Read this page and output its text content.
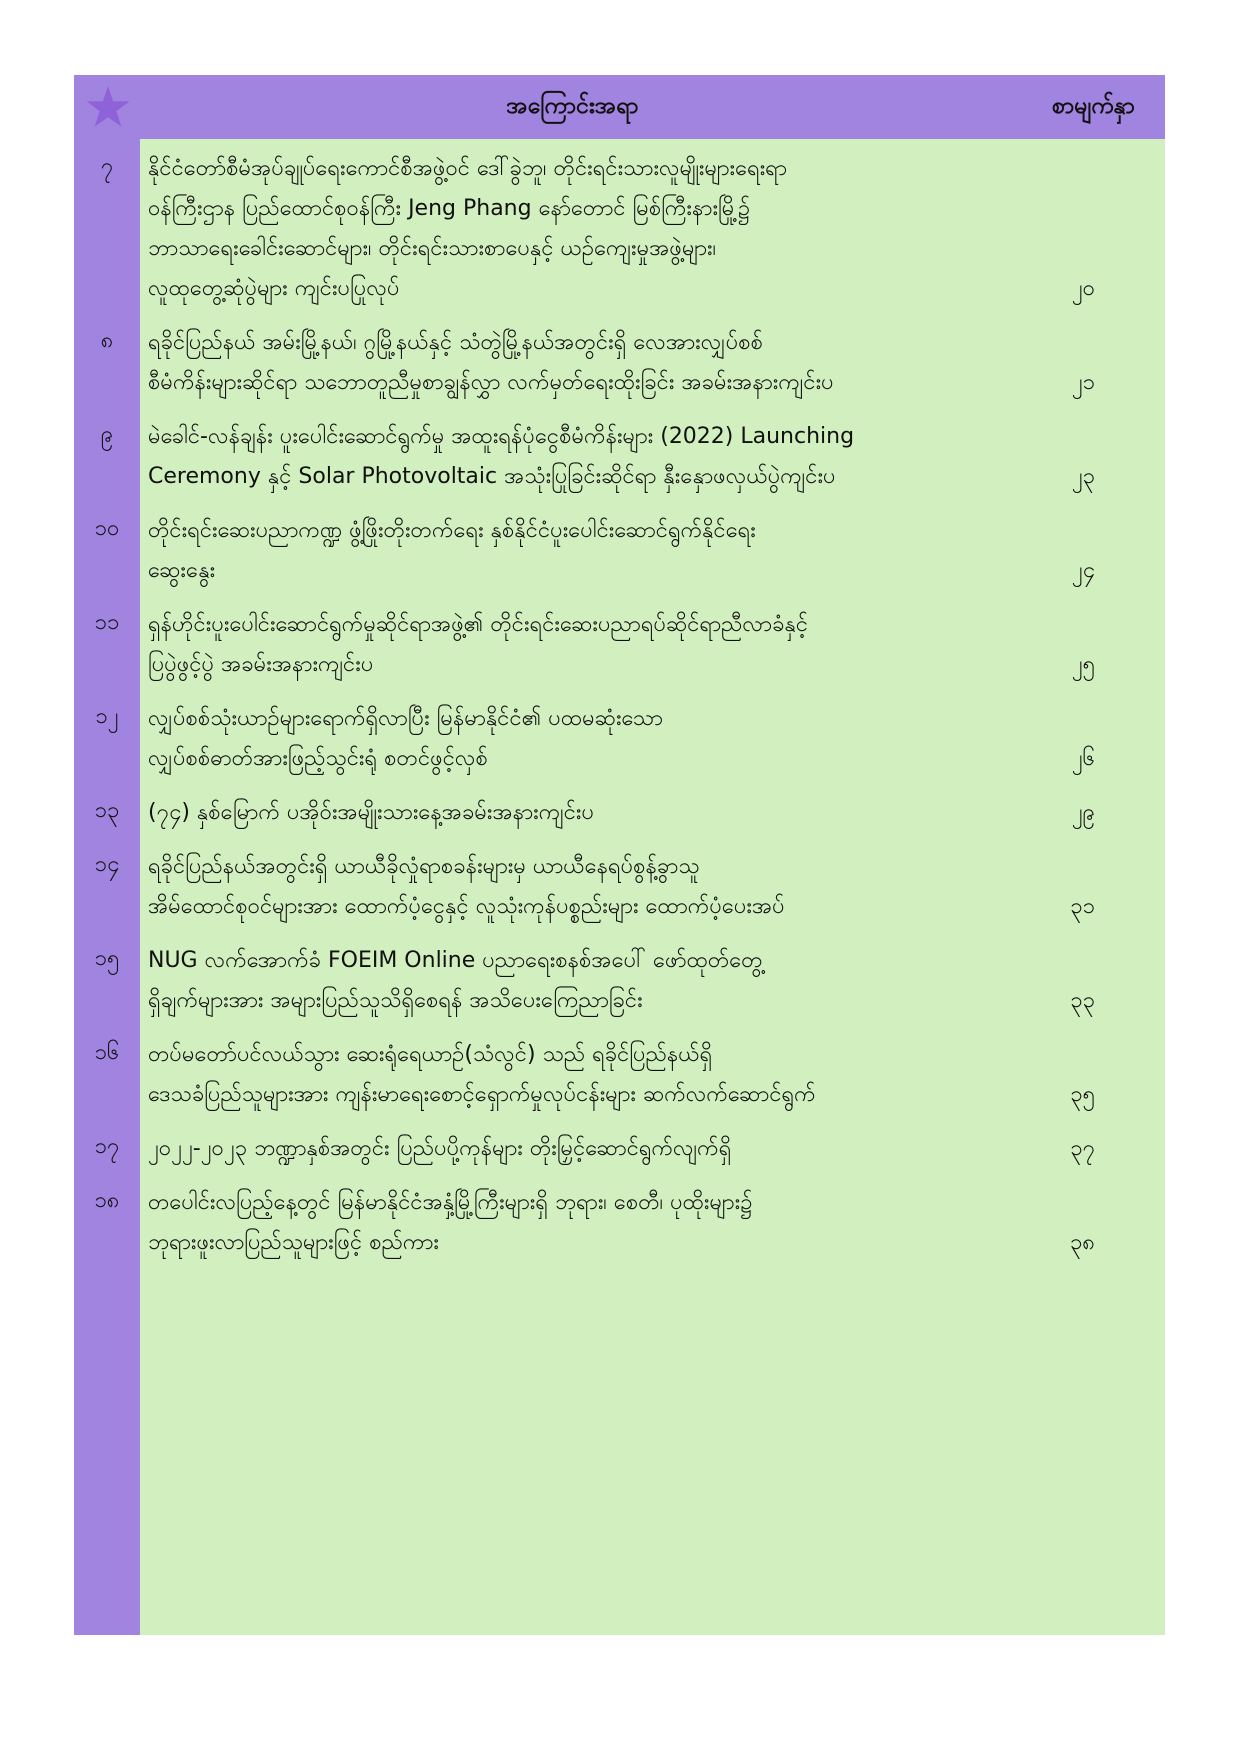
အကြောင်းအရာ	စာမျက်နှာ
၇	နိုင်ငံတော်စီမံအုပ်ချုပ်ရေးကောင်စီအဖွဲ့ဝင် ဒေါ်ခွဲဘူ၊ တိုင်းရင်းသားလူမျိုးများရေးရာ
ဝန်ကြီးဌာန ပြည်ထောင်စုဝန်ကြီး Jeng Phang နော်တောင် မြစ်ကြီးနားမြို့၌
ဘာသာရေးခေါင်းဆောင်များ၊ တိုင်းရင်းသားစာပေနှင့် ယဉ်ကျေးမှုအဖွဲ့များ၊
လူထုတွေ့ဆုံပွဲများ ကျင်းပပြုလုပ်	၂၀
၈	ရခိုင်ပြည်နယ် အမ်းမြို့နယ်၊ ဂွမြို့နယ်နှင့် သံတွဲမြို့နယ်အတွင်းရှိ လေအားလျှပ်စစ်
စီမံကိန်းများဆိုင်ရာ သဘောတူညီမှုစာချွန်လွှာ လက်မှတ်ရေးထိုးခြင်း အခမ်းအနားကျင်းပ	၂၁
၉	မဲခေါင်-လန်ချန်း ပူးပေါင်းဆောင်ရွက်မှု အထူးရန်ပုံငွေစီမံကိန်းများ (2022) Launching
Ceremony နှင့် Solar Photovoltaic အသုံးပြုခြင်းဆိုင်ရာ နှီးနှောဖလှယ်ပွဲကျင်းပ	၂၃
၁၀	တိုင်းရင်းဆေးပညာကဏ္ဍ ဖွံ့ဖြိုးတိုးတက်ရေး နှစ်နိုင်ငံပူးပေါင်းဆောင်ရွက်နိုင်ရေး
ဆွေးနွေး	၂၄
၁၁	ရှန်ဟိုင်းပူးပေါင်းဆောင်ရွက်မှုဆိုင်ရာအဖွဲ့၏ တိုင်းရင်းဆေးပညာရပ်ဆိုင်ရာညီလာခံနှင့်
ပြပွဲဖွင့်ပွဲ အခမ်းအနားကျင်းပ	၂၅
၁၂	လျှပ်စစ်သုံးယာဉ်များရောက်ရှိလာပြီး မြန်မာနိုင်ငံ၏ ပထမဆုံးသော
လျှပ်စစ်ဓာတ်အားဖြည့်သွင်းရုံ စတင်ဖွင့်လှစ်	၂၆
၁၃	(၇၄) နှစ်မြောက် ပအိုဝ်းအမျိုးသားနေ့အခမ်းအနားကျင်းပ	၂၉
၁၄	ရခိုင်ပြည်နယ်အတွင်းရှိ ယာယီခိုလှုံရာစခန်းများမှ ယာယီနေရပ်စွန့်ခွာသူ
အိမ်ထောင်စုဝင်များအား ထောက်ပံ့ငွေနှင့် လူသုံးကုန်ပစ္စည်းများ ထောက်ပံ့ပေးအပ်	၃၁
၁၅	NUG လက်အောက်ခံ FOEIM Online ပညာရေးစနစ်အပေါ် ဖော်ထုတ်တွေ့
ရှိချက်များအား အများပြည်သူသိရှိစေရန် အသိပေးကြေညာခြင်း	၃၃
၁၆	တပ်မတော်ပင်လယ်သွား ဆေးရုံရေယာဉ်(သံလွင်) သည် ရခိုင်ပြည်နယ်ရှိ
ဒေသခံပြည်သူများအား ကျန်းမာရေးစောင့်ရှောက်မှုလုပ်ငန်းများ ဆက်လက်ဆောင်ရွက်	၃၅
၁၇	၂၀၂၂-၂၀၂၃ ဘဏ္ဍာနှစ်အတွင်း ပြည်ပပို့ကုန်များ တိုးမြှင့်ဆောင်ရွက်လျက်ရှိ	၃၇
၁၈	တပေါင်းလပြည့်နေ့တွင် မြန်မာနိုင်ငံအနှံ့မြို့ကြီးများရှိ ဘုရား၊ စေတီ၊ ပုထိုးများ၌
ဘုရားဖူးလာပြည်သူများဖြင့် စည်ကား	၃၈
